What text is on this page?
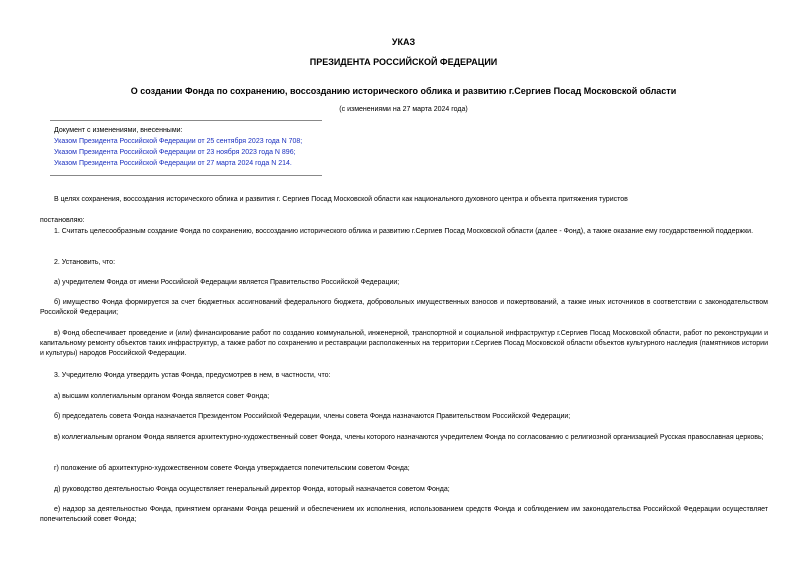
УКАЗ
ПРЕЗИДЕНТА РОССИЙСКОЙ ФЕДЕРАЦИИ
О создании Фонда по сохранению, воссозданию исторического облика и развитию г.Сергиев Посад Московской области
(с изменениями на 27 марта 2024 года)
Документ с изменениями, внесенными:
Указом Президента Российской Федерации от 25 сентября 2023 года N 708;
Указом Президента Российской Федерации от 23 ноября 2023 года N 896;
Указом Президента Российской Федерации от 27 марта 2024 года N 214.
В целях сохранения, воссоздания исторического облика и развития г. Сергиев Посад Московской области как национального духовного центра и объекта притяжения туристов
постановляю:
1. Считать целесообразным создание Фонда по сохранению, воссозданию исторического облика и развитию г.Сергиев Посад Московской области (далее - Фонд), а также оказание ему государственной поддержки.
2. Установить, что:
а) учредителем Фонда от имени Российской Федерации является Правительство Российской Федерации;
б) имущество Фонда формируется за счет бюджетных ассигнований федерального бюджета, добровольных имущественных взносов и пожертвований, а также иных источников в соответствии с законодательством Российской Федерации;
в) Фонд обеспечивает проведение и (или) финансирование работ по созданию коммунальной, инженерной, транспортной и социальной инфраструктур г.Сергиев Посад Московской области, работ по реконструкции и капитальному ремонту объектов таких инфраструктур, а также работ по сохранению и реставрации расположенных на территории г.Сергиев Посад Московской области объектов культурного наследия (памятников истории и культуры) народов Российской Федерации.
3. Учредителю Фонда утвердить устав Фонда, предусмотрев в нем, в частности, что:
а) высшим коллегиальным органом Фонда является совет Фонда;
б) председатель совета Фонда назначается Президентом Российской Федерации, члены совета Фонда назначаются Правительством Российской Федерации;
в) коллегиальным органом Фонда является архитектурно-художественный совет Фонда, члены которого назначаются учредителем Фонда по согласованию с религиозной организацией Русская православная церковь;
г) положение об архитектурно-художественном совете Фонда утверждается попечительским советом Фонда;
д) руководство деятельностью Фонда осуществляет генеральный директор Фонда, который назначается советом Фонда;
е) надзор за деятельностью Фонда, принятием органами Фонда решений и обеспечением их исполнения, использованием средств Фонда и соблюдением им законодательства Российской Федерации осуществляет попечительский совет Фонда;
